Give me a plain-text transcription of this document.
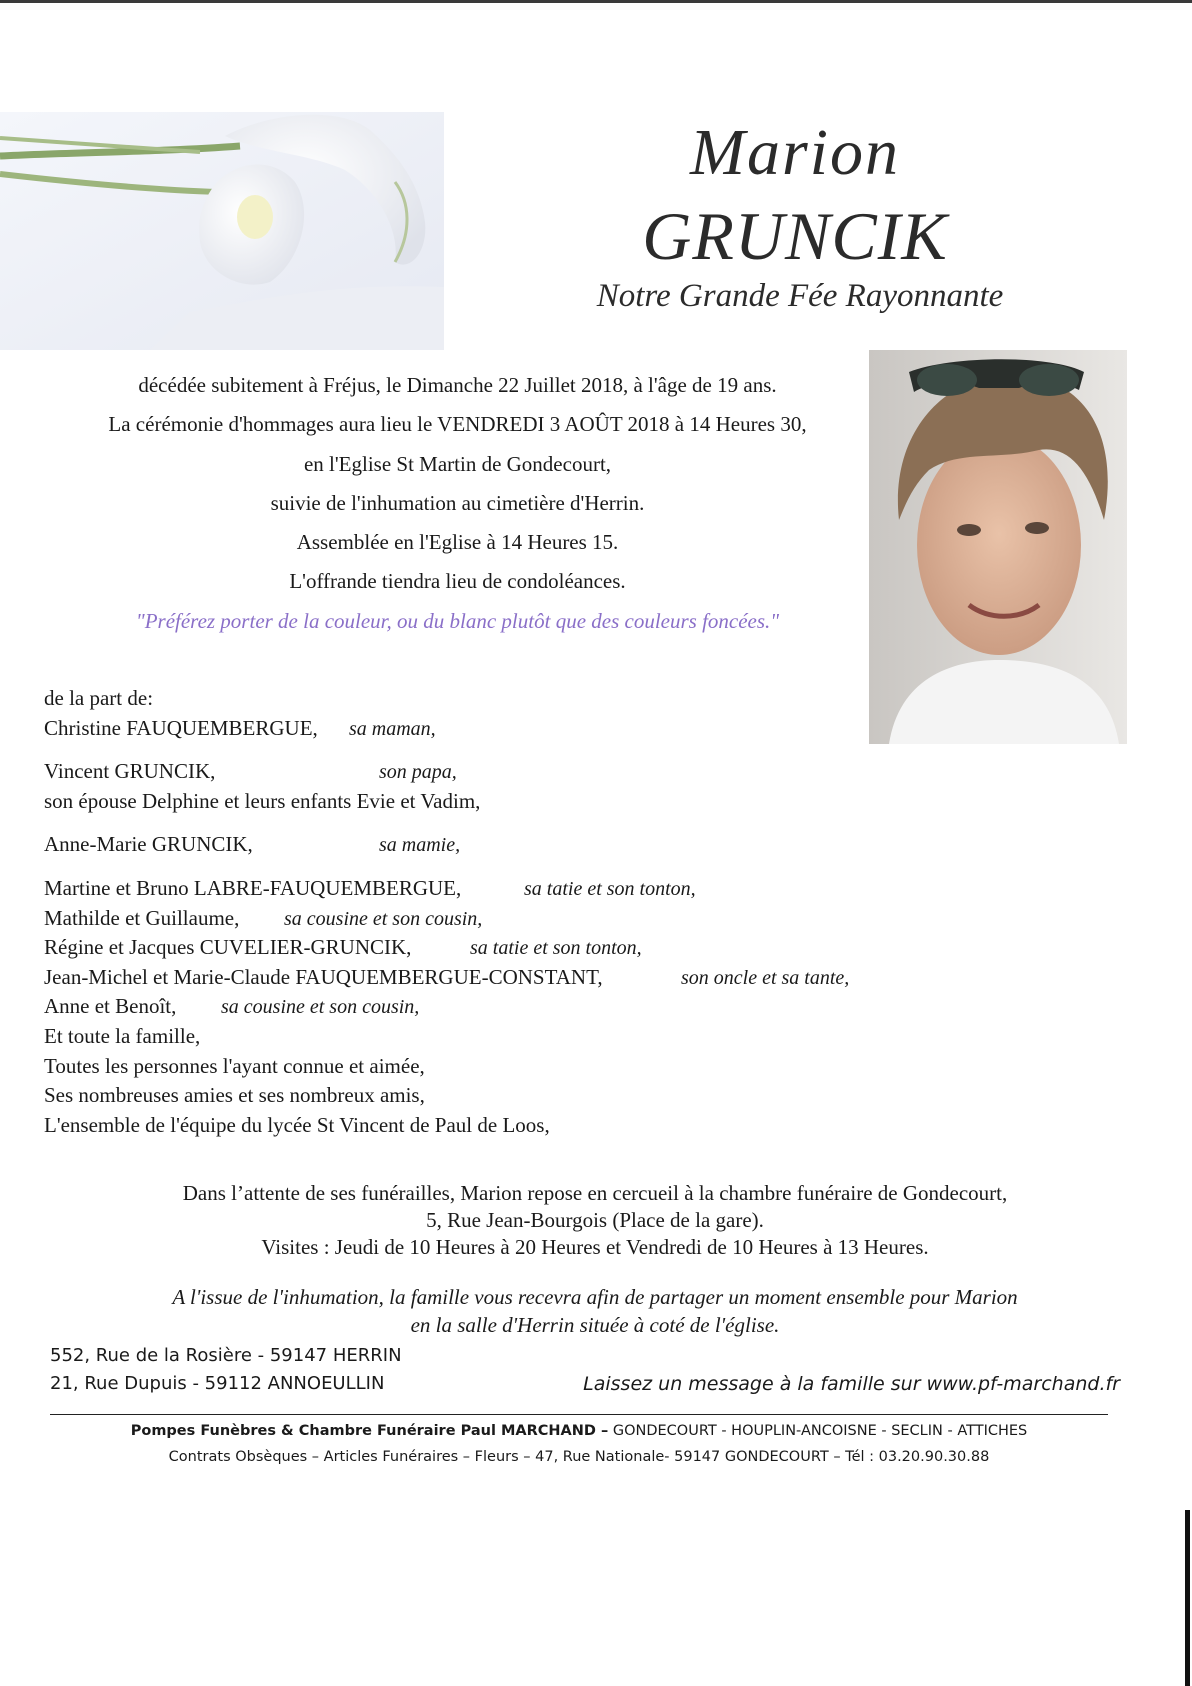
Marion
GRUNCIK
Notre Grande Fée Rayonnante
décédée subitement à Fréjus, le Dimanche 22 Juillet 2018, à l'âge de 19 ans.
La cérémonie d'hommages aura lieu le VENDREDI 3 AOÛT 2018 à 14 Heures 30,
en l'Eglise St Martin de Gondecourt,
suivie de l'inhumation au cimetière d'Herrin.
Assemblée en l'Eglise à 14 Heures 15.
L'offrande tiendra lieu de condoléances.
"Préférez porter de la couleur, ou du blanc plutôt que des couleurs foncées."
de la part de:
Christine FAUQUEMBERGUE, sa maman,
Vincent GRUNCIK,	son papa,
son épouse Delphine et leurs enfants Evie et Vadim,
Anne-Marie GRUNCIK,	sa mamie,
Martine et Bruno LABRE-FAUQUEMBERGUE,	sa tatie et son tonton,
Mathilde et Guillaume, sa cousine et son cousin,
Régine et Jacques CUVELIER-GRUNCIK,	sa tatie et son tonton,
Jean-Michel et Marie-Claude FAUQUEMBERGUE-CONSTANT,	son oncle et sa tante,
Anne et Benoît, sa cousine et son cousin,
Et toute la famille,
Toutes les personnes l'ayant connue et aimée,
Ses nombreuses amies et ses nombreux amis,
L'ensemble de l'équipe du lycée St Vincent de Paul de Loos,
Dans l’attente de ses funérailles, Marion repose en cercueil à la chambre funéraire de Gondecourt,
5, Rue Jean-Bourgois (Place de la gare).
Visites : Jeudi de 10 Heures à 20 Heures et Vendredi de 10 Heures à 13 Heures.
A l'issue de l'inhumation, la famille vous recevra afin de partager un moment ensemble pour Marion
en la salle d'Herrin située à coté de l'église.
552, Rue de la Rosière - 59147 HERRIN
21, Rue Dupuis - 59112 ANNOEULLIN	Laissez un message à la famille sur www.pf-marchand.fr
Pompes Funèbres & Chambre Funéraire Paul MARCHAND – GONDECOURT - HOUPLIN-ANCOISNE - SECLIN - ATTICHES
Contrats Obsèques – Articles Funéraires – Fleurs – 47, Rue Nationale- 59147 GONDECOURT – Tél : 03.20.90.30.88
